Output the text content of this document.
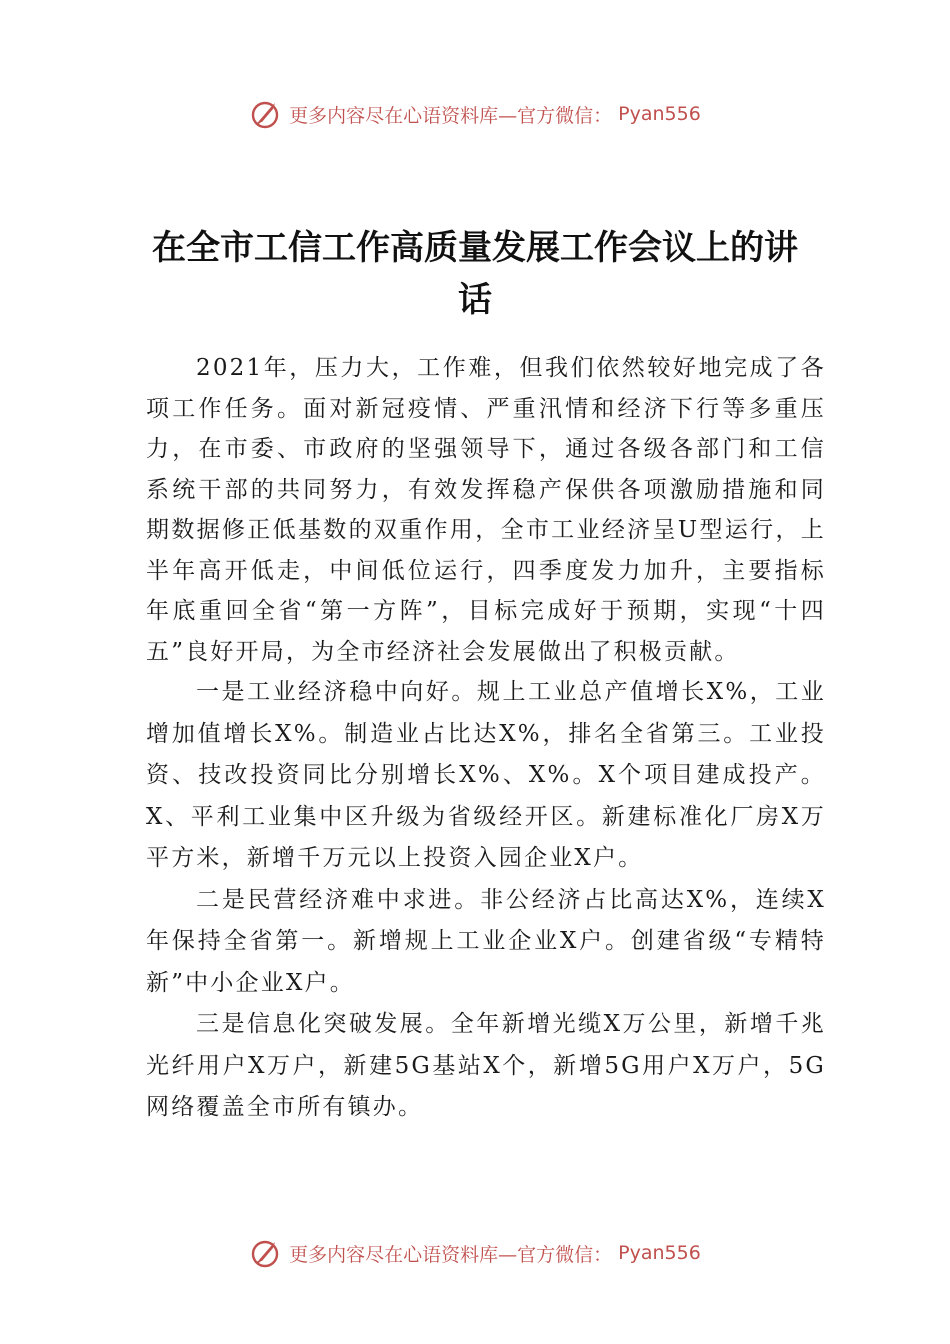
更多内容尽在心语资料库—官方微信： Pyan556
在全市工信工作高质量发展工作会议上的讲话

2021年，压力大，工作难，但我们依然较好地完成了各项工作任务。面对新冠疫情、严重汛情和经济下行等多重压力，在市委、市政府的坚强领导下，通过各级各部门和工信系统干部的共同努力，有效发挥稳产保供各项激励措施和同期数据修正低基数的双重作用，全市工业经济呈U型运行，上半年高开低走，中间低位运行，四季度发力加升，主要指标年底重回全省“第一方阵”，目标完成好于预期，实现“十四五”良好开局，为全市经济社会发展做出了积极贡献。

一是工业经济稳中向好。规上工业总产值增长X%，工业增加值增长X%。制造业占比达X%，排名全省第三。工业投资、技改投资同比分别增长X%、X%。X个项目建成投产。X、平利工业集中区升级为省级经开区。新建标准化厂房X万平方米，新增千万元以上投资入园企业X户。

二是民营经济难中求进。非公经济占比高达X%，连续X年保持全省第一。新增规上工业企业X户。创建省级“专精特新”中小企业X户。

三是信息化突破发展。全年新增光缆X万公里，新增千兆光纤用户X万户，新建5G基站X个，新增5G用户X万户，5G网络覆盖全市所有镇办。

更多内容尽在心语资料库—官方微信： Pyan556
